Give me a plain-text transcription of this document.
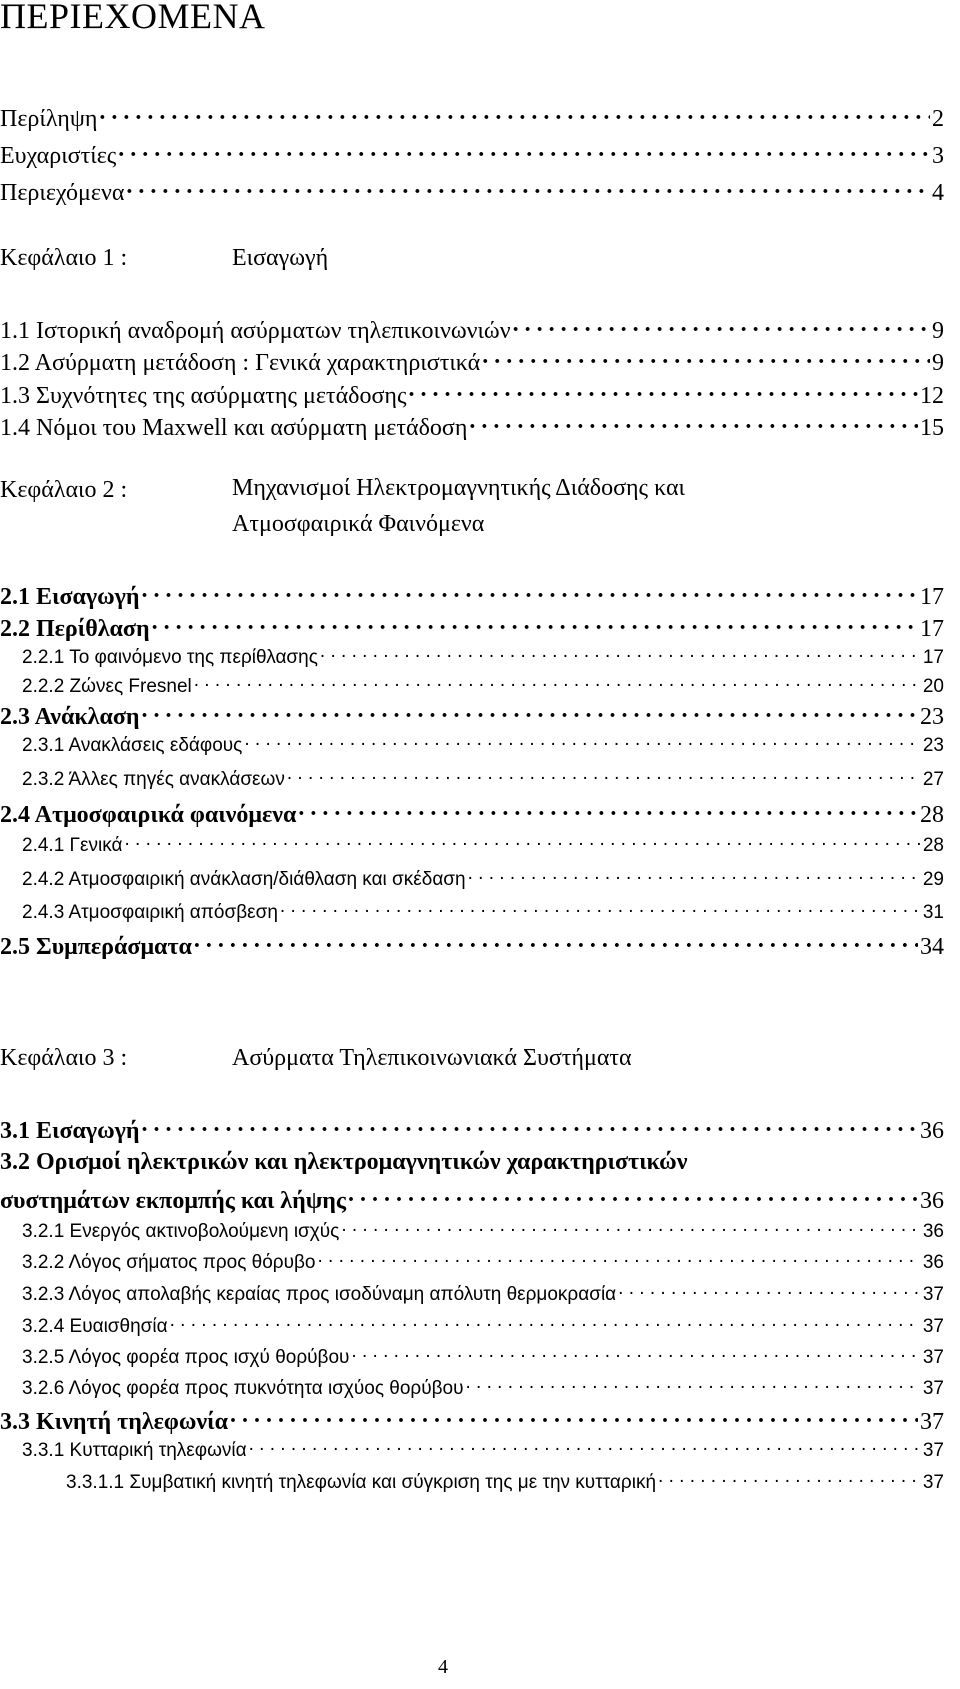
ΠΕΡΙΕΧΟΜΕΝΑ
Περίληψη . . .	2
Ευχαριστίες . . .	3
Περιεχόμενα . . .	4
Κεφάλαιο 1 :	Εισαγωγή
1.1 Ιστορική αναδρομή ασύρματων τηλεπικοινωνιών . . .	9
1.2 Ασύρματη μετάδοση : Γενικά χαρακτηριστικά . . .	9
1.3 Συχνότητες της ασύρματης μετάδοσης . . .	12
1.4 Νόμοι του Maxwell και ασύρματη μετάδοση . . .	15
Κεφάλαιο 2 :	Μηχανισμοί Ηλεκτρομαγνητικής Διάδοσης και
Ατμοσφαιρικά Φαινόμενα
2.1 Εισαγωγή . . .	17
2.2 Περίθλαση . . .	17
2.2.1 Το φαινόμενο της περίθλασης . . .	17
2.2.2 Ζώνες Fresnel . . .	20
2.3 Ανάκλαση . . .	23
2.3.1 Ανακλάσεις εδάφους . . .	23
2.3.2 Άλλες πηγές ανακλάσεων . . .	27
2.4 Ατμοσφαιρικά φαινόμενα . . .	28
2.4.1 Γενικά . . .	28
2.4.2 Ατμοσφαιρική ανάκλαση/διάθλαση και σκέδαση . . .	29
2.4.3 Ατμοσφαιρική απόσβεση . . .	31
2.5 Συμπεράσματα . . .	34
Κεφάλαιο 3 :	Ασύρματα Τηλεπικοινωνιακά Συστήματα
3.1 Εισαγωγή . . .	36
3.2 Ορισμοί ηλεκτρικών και ηλεκτρομαγνητικών χαρακτηριστικών
συστημάτων εκπομπής και λήψης . . .	36
3.2.1 Ενεργός ακτινοβολούμενη ισχύς . . .	36
3.2.2 Λόγος σήματος προς θόρυβο . . .	36
3.2.3 Λόγος απολαβής κεραίας προς ισοδύναμη απόλυτη θερμοκρασία . . .	37
3.2.4 Ευαισθησία . . .	37
3.2.5 Λόγος φορέα προς ισχύ θορύβου . . .	37
3.2.6 Λόγος φορέα προς πυκνότητα ισχύος θορύβου . . .	37
3.3 Κινητή τηλεφωνία . . .	37
3.3.1 Κυτταρική τηλεφωνία . . .	37
3.3.1.1 Συμβατική κινητή τηλεφωνία και σύγκριση της με την κυτταρική . . .	37
4
